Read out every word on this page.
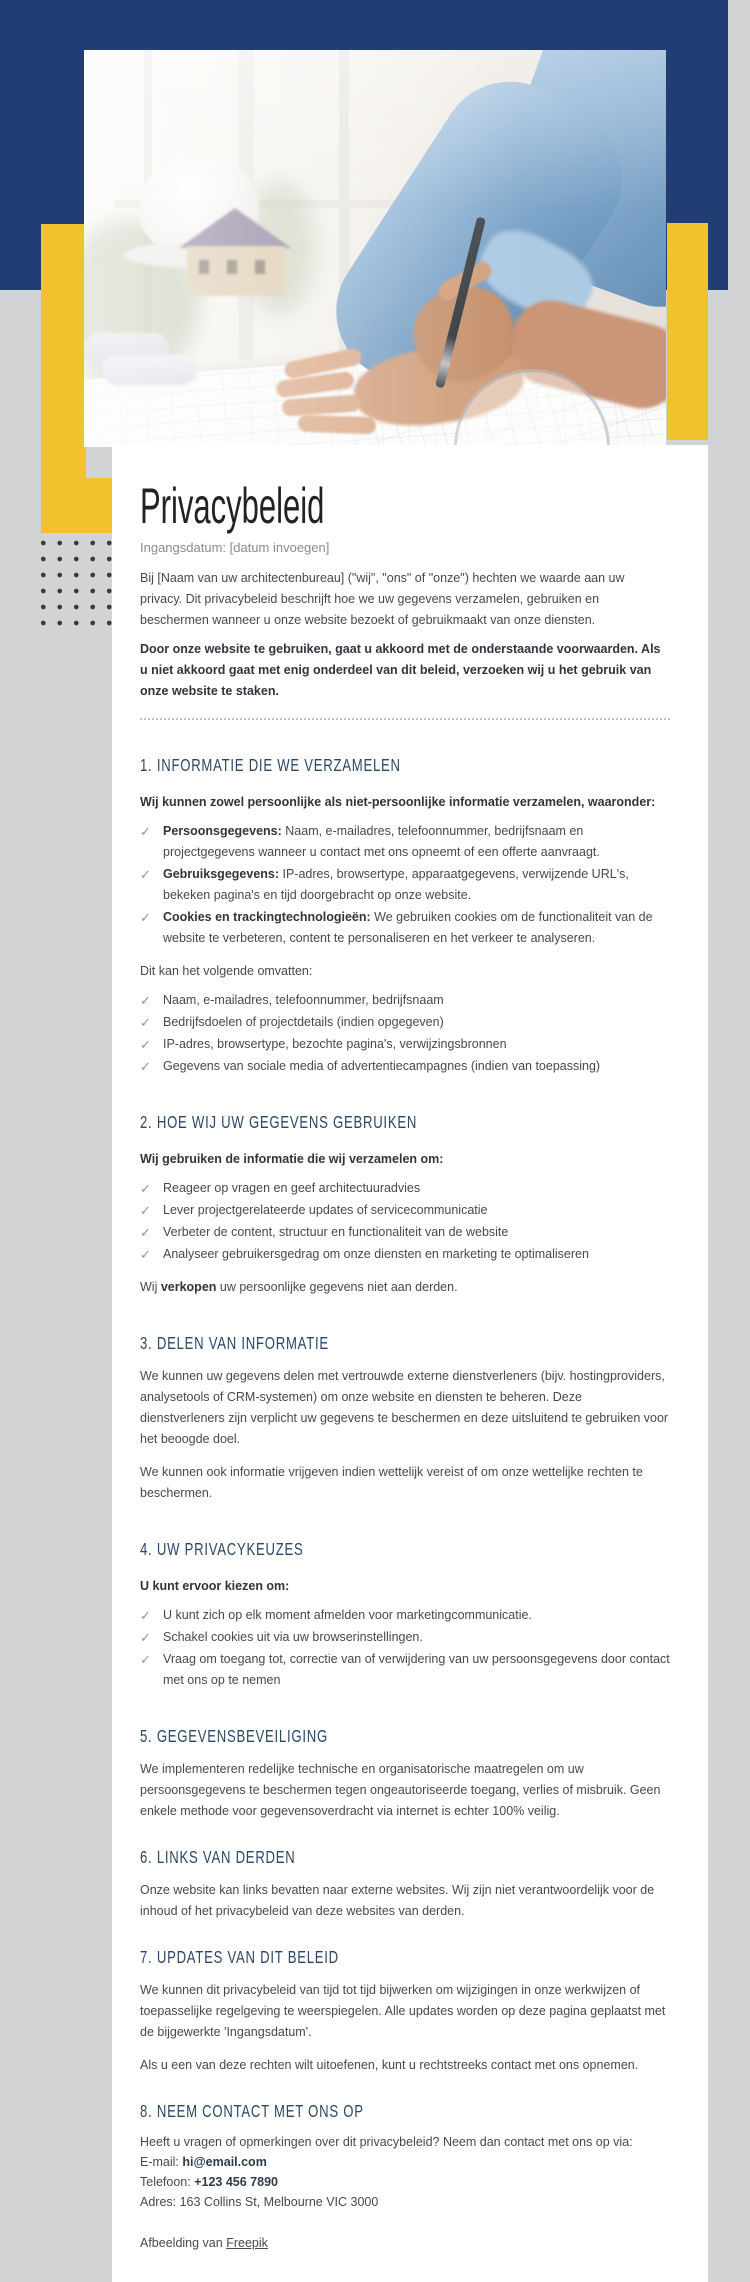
Privacybeleid

Ingangsdatum: [datum invoegen]

Bij [Naam van uw architectenbureau] ("wij", "ons" of "onze") hechten we waarde aan uw privacy. Dit privacybeleid beschrijft hoe we uw gegevens verzamelen, gebruiken en beschermen wanneer u onze website bezoekt of gebruikmaakt van onze diensten.

Door onze website te gebruiken, gaat u akkoord met de onderstaande voorwaarden. Als u niet akkoord gaat met enig onderdeel van dit beleid, verzoeken wij u het gebruik van onze website te staken.

1. INFORMATIE DIE WE VERZAMELEN

Wij kunnen zowel persoonlijke als niet-persoonlijke informatie verzamelen, waaronder:

✓ Persoonsgegevens: Naam, e-mailadres, telefoonnummer, bedrijfsnaam en projectgegevens wanneer u contact met ons opneemt of een offerte aanvraagt.
✓ Gebruiksgegevens: IP-adres, browsertype, apparaatgegevens, verwijzende URL's, bekeken pagina's en tijd doorgebracht op onze website.
✓ Cookies en trackingtechnologieën: We gebruiken cookies om de functionaliteit van de website te verbeteren, content te personaliseren en het verkeer te analyseren.

Dit kan het volgende omvatten:

✓ Naam, e-mailadres, telefoonnummer, bedrijfsnaam
✓ Bedrijfsdoelen of projectdetails (indien opgegeven)
✓ IP-adres, browsertype, bezochte pagina's, verwijzingsbronnen
✓ Gegevens van sociale media of advertentiecampagnes (indien van toepassing)
2. HOE WIJ UW GEGEVENS GEBRUIKEN

Wij gebruiken de informatie die wij verzamelen om:

✓ Reageer op vragen en geef architectuuradvies
✓ Lever projectgerelateerde updates of servicecommunicatie
✓ Verbeter de content, structuur en functionaliteit van de website
✓ Analyseer gebruikersgedrag om onze diensten en marketing te optimaliseren

Wij verkopen uw persoonlijke gegevens niet aan derden.

3. DELEN VAN INFORMATIE

We kunnen uw gegevens delen met vertrouwde externe dienstverleners (bijv. hostingproviders, analysetools of CRM-systemen) om onze website en diensten te beheren. Deze dienstverleners zijn verplicht uw gegevens te beschermen en deze uitsluitend te gebruiken voor het beoogde doel.

We kunnen ook informatie vrijgeven indien wettelijk vereist of om onze wettelijke rechten te beschermen.

4. UW PRIVACYKEUZES

U kunt ervoor kiezen om:

✓ U kunt zich op elk moment afmelden voor marketingcommunicatie.
✓ Schakel cookies uit via uw browserinstellingen.
✓ Vraag om toegang tot, correctie van of verwijdering van uw persoonsgegevens door contact met ons op te nemen
5. GEGEVENSBEVEILIGING

We implementeren redelijke technische en organisatorische maatregelen om uw persoonsgegevens te beschermen tegen ongeautoriseerde toegang, verlies of misbruik. Geen enkele methode voor gegevensoverdracht via internet is echter 100% veilig.

6. LINKS VAN DERDEN

Onze website kan links bevatten naar externe websites. Wij zijn niet verantwoordelijk voor de inhoud of het privacybeleid van deze websites van derden.

7. UPDATES VAN DIT BELEID

We kunnen dit privacybeleid van tijd tot tijd bijwerken om wijzigingen in onze werkwijzen of toepasselijke regelgeving te weerspiegelen. Alle updates worden op deze pagina geplaatst met de bijgewerkte 'Ingangsdatum'.

Als u een van deze rechten wilt uitoefenen, kunt u rechtstreeks contact met ons opnemen.

8. NEEM CONTACT MET ONS OP

Heeft u vragen of opmerkingen over dit privacybeleid? Neem dan contact met ons op via:

E-mail: hi@email.com

Telefoon: +123 456 7890

Adres: 163 Collins St, Melbourne VIC 3000

Afbeelding van Freepik
